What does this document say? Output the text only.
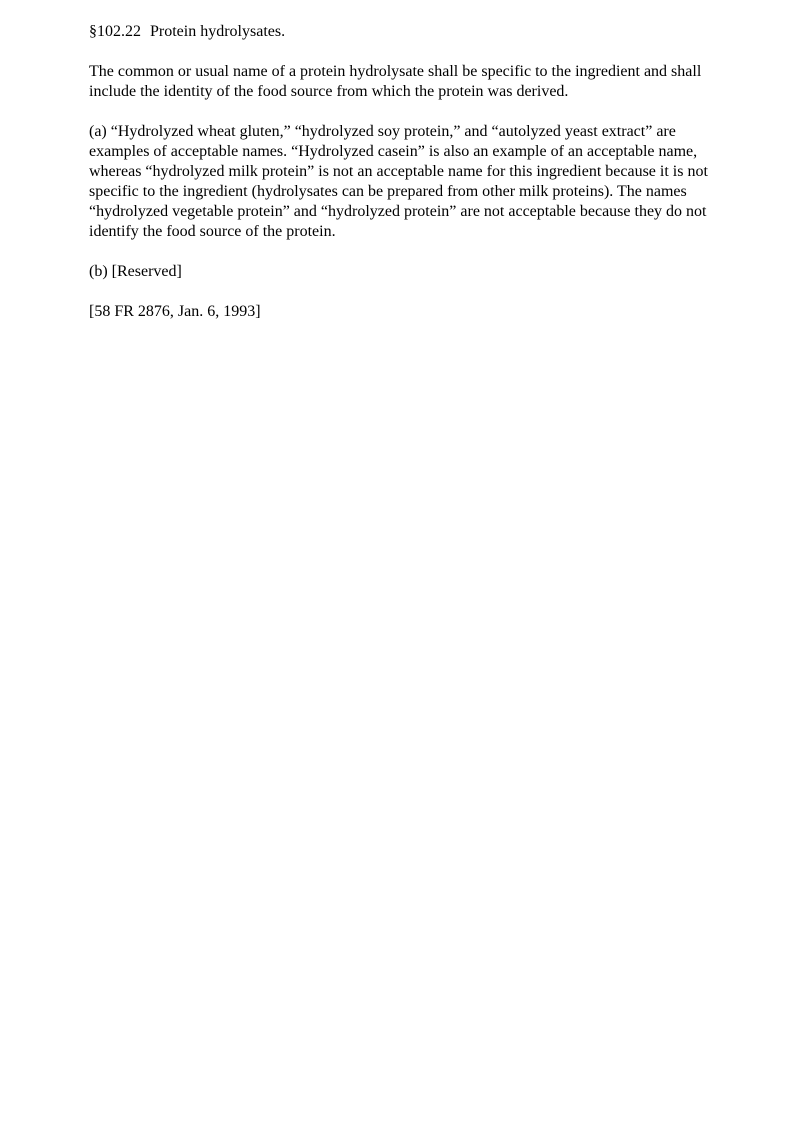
§102.22 Protein hydrolysates.

The common or usual name of a protein hydrolysate shall be specific to the ingredient and shall include the identity of the food source from which the protein was derived.

(a) “Hydrolyzed wheat gluten,” “hydrolyzed soy protein,” and “autolyzed yeast extract” are examples of acceptable names. “Hydrolyzed casein” is also an example of an acceptable name, whereas “hydrolyzed milk protein” is not an acceptable name for this ingredient because it is not specific to the ingredient (hydrolysates can be prepared from other milk proteins). The names “hydrolyzed vegetable protein” and “hydrolyzed protein” are not acceptable because they do not identify the food source of the protein.

(b) [Reserved]

[58 FR 2876, Jan. 6, 1993]
